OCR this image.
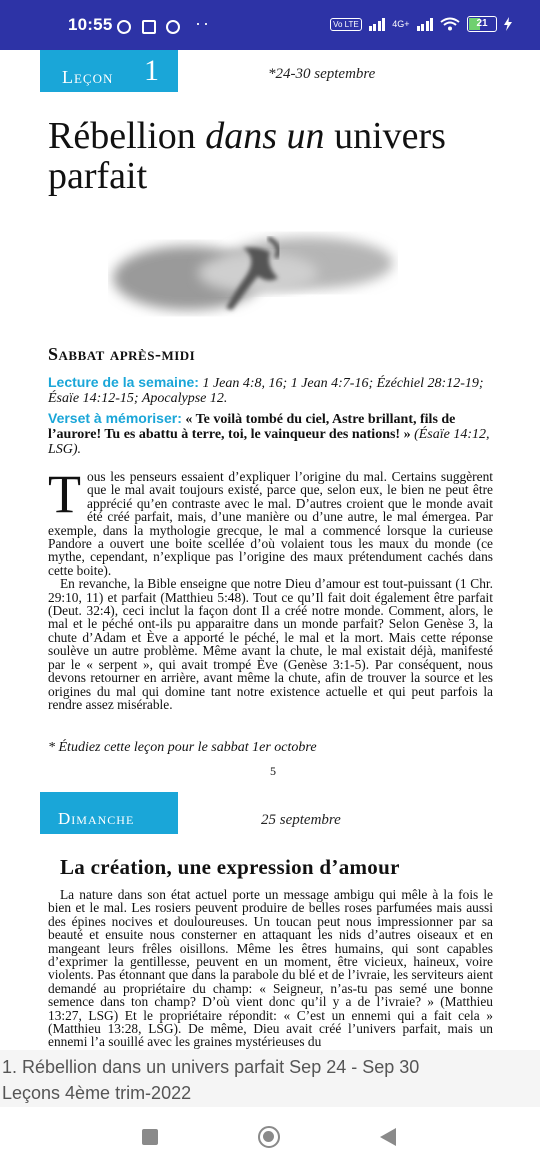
10:55	··	Vo LTE	4G+	21
Leçon 1	*24-30 septembre
Rébellion dans un univers parfait
Sabbat après-midi
Lecture de la semaine: 1 Jean 4:8, 16; 1 Jean 4:7-16; Ézéchiel 28:12-19; Ésaïe 14:12-15; Apocalypse 12.
Verset à mémoriser: « Te voilà tombé du ciel, Astre brillant, fils de l’aurore! Tu es abattu à terre, toi, le vainqueur des nations! » (Ésaïe 14:12, LSG).

Tous les penseurs essaient d’expliquer l’origine du mal. Certains suggèrent que le mal avait toujours existé, parce que, selon eux, le bien ne peut être apprécié qu’en contraste avec le mal. D’autres croient que le monde avait été créé parfait, mais, d’une manière ou d’une autre, le mal émergea. Par exemple, dans la mythologie grecque, le mal a commencé lorsque la curieuse Pandore a ouvert une boite scellée d’où volaient tous les maux du monde (ce mythe, cependant, n’explique pas l’origine des maux prétendument cachés dans cette boite).

En revanche, la Bible enseigne que notre Dieu d’amour est tout-puissant (1 Chr. 29:10, 11) et parfait (Matthieu 5:48). Tout ce qu’Il fait doit également être parfait (Deut. 32:4), ceci inclut la façon dont Il a créé notre monde. Comment, alors, le mal et le péché ont-ils pu apparaitre dans un monde parfait? Selon Genèse 3, la chute d’Adam et Ève a apporté le péché, le mal et la mort. Mais cette réponse soulève un autre problème. Même avant la chute, le mal existait déjà, manifesté par le « serpent », qui avait trompé Ève (Genèse 3:1-5). Par conséquent, nous devons retourner en arrière, avant même la chute, afin de trouver la source et les origines du mal qui domine tant notre existence actuelle et qui peut parfois la rendre assez misérable.

* Étudiez cette leçon pour le sabbat 1er octobre
5
Dimanche	25 septembre
La création, une expression d’amour
La nature dans son état actuel porte un message ambigu qui mêle à la fois le bien et le mal. Les rosiers peuvent produire de belles roses parfumées mais aussi des épines nocives et douloureuses. Un toucan peut nous impressionner par sa beauté et ensuite nous consterner en attaquant les nids d’autres oiseaux et en mangeant leurs frêles oisillons. Même les êtres humains, qui sont capables d’exprimer la gentillesse, peuvent en un moment, être vicieux, haineux, voire violents. Pas étonnant que dans la parabole du blé et de l’ivraie, les serviteurs aient demandé au propriétaire du champ: « Seigneur, n’as-tu pas semé une bonne semence dans ton champ? D’où vient donc qu’il y a de l’ivraie? » (Matthieu 13:27, LSG) Et le propriétaire répondit: « C’est un ennemi qui a fait cela » (Matthieu 13:28, LSG). De même, Dieu avait créé l’univers parfait, mais un ennemi l’a souillé avec les graines mystérieuses du
1. Rébellion dans un univers parfait Sep 24 - Sep 30
Leçons 4ème trim-2022
